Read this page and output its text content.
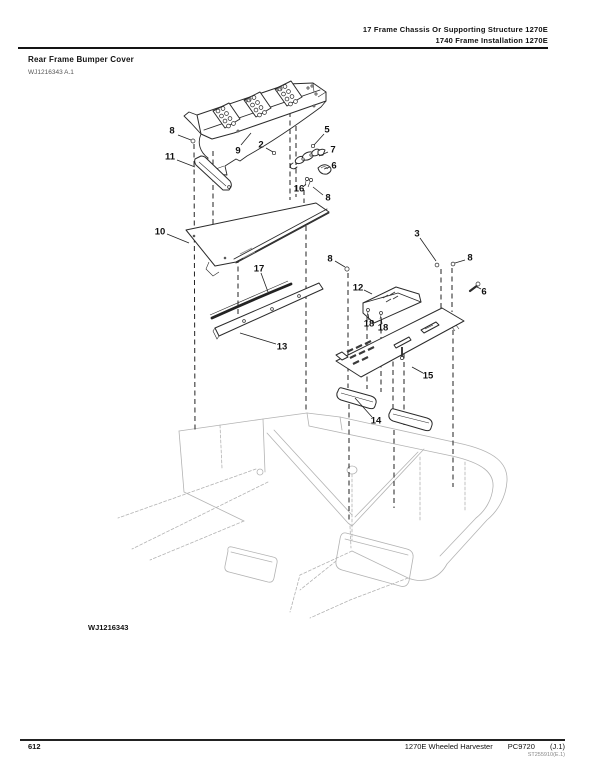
17 Frame Chassis Or Supporting Structure 1270E
1740 Frame Installation 1270E
Rear Frame Bumper Cover
WJ1216343 A.1
8
11
9
2
5
7
6
16
8
10
17
13
3
8	8
6
12
18 18
15
14
WJ1216343
612	1270E Wheeled Harvester PC9720 (J.1)
ST255910(E.1)
